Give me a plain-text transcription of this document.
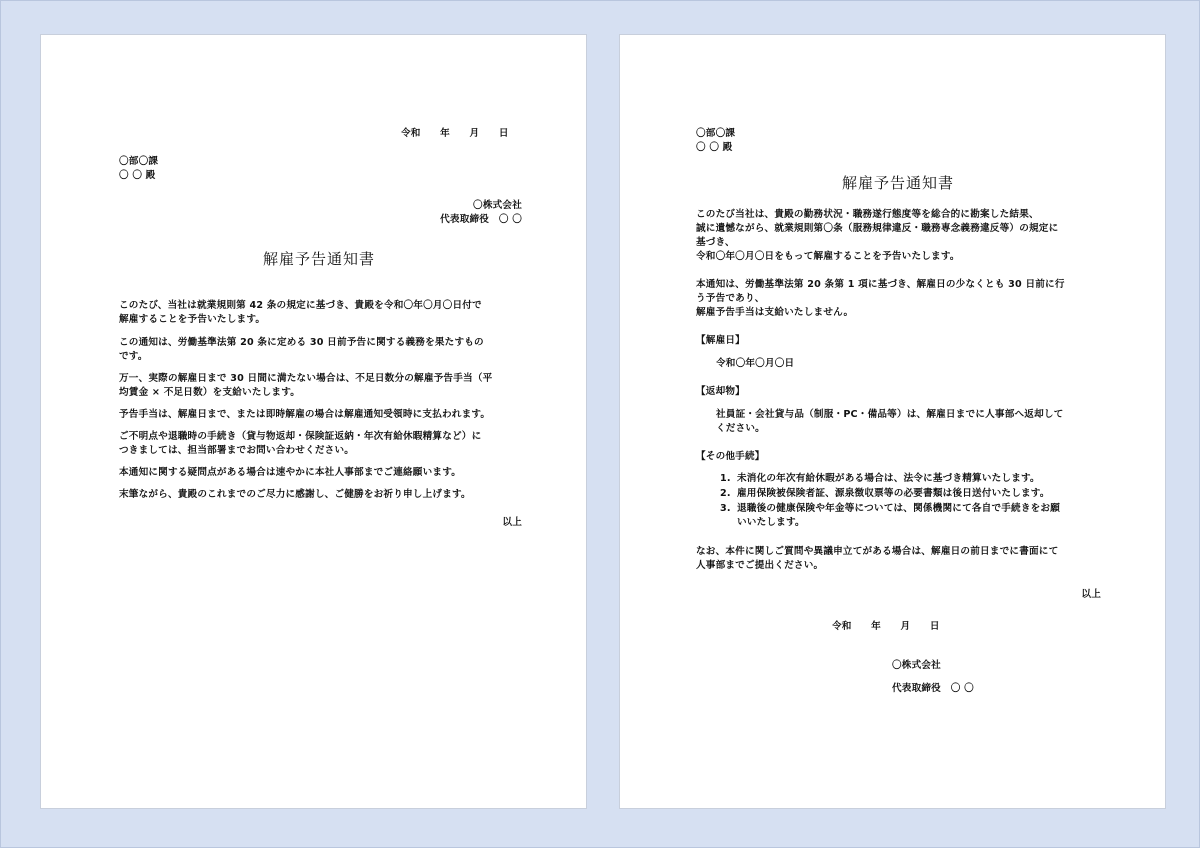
令和　　年　　月　　日
〇部〇課
〇 〇 殿
〇株式会社
代表取締役　〇 〇
解雇予告通知書
このたび、当社は就業規則第 42 条の規定に基づき、貴殿を令和〇年〇月〇日付で
解雇することを予告いたします。
この通知は、労働基準法第 20 条に定める 30 日前予告に関する義務を果たすもの
です。
万一、実際の解雇日まで 30 日間に満たない場合は、不足日数分の解雇予告手当（平
均賃金 × 不足日数）を支給いたします。
予告手当は、解雇日まで、または即時解雇の場合は解雇通知受領時に支払われます。
ご不明点や退職時の手続き（貸与物返却・保険証返納・年次有給休暇精算など）に
つきましては、担当部署までお問い合わせください。
本通知に関する疑問点がある場合は速やかに本社人事部までご連絡願います。
末筆ながら、貴殿のこれまでのご尽力に感謝し、ご健勝をお祈り申し上げます。
以上
〇部〇課
〇 〇 殿
解雇予告通知書
このたび当社は、貴殿の勤務状況・職務遂行態度等を総合的に勘案した結果、
誠に遺憾ながら、就業規則第〇条（服務規律違反・職務専念義務違反等）の規定に
基づき、
令和〇年〇月〇日をもって解雇することを予告いたします。
本通知は、労働基準法第 20 条第 1 項に基づき、解雇日の少なくとも 30 日前に行
う予告であり、
解雇予告手当は支給いたしません。
【解雇日】
令和〇年〇月〇日
【返却物】
社員証・会社貸与品（制服・PC・備品等）は、解雇日までに人事部へ返却して
ください。
【その他手続】
1. 未消化の年次有給休暇がある場合は、法令に基づき精算いたします。
2. 雇用保険被保険者証、源泉徴収票等の必要書類は後日送付いたします。
3. 退職後の健康保険や年金等については、関係機関にて各自で手続きをお願
いいたします。
なお、本件に関しご質問や異議申立てがある場合は、解雇日の前日までに書面にて
人事部までご提出ください。
以上
令和　　年　　月　　日
〇株式会社
代表取締役　〇 〇
